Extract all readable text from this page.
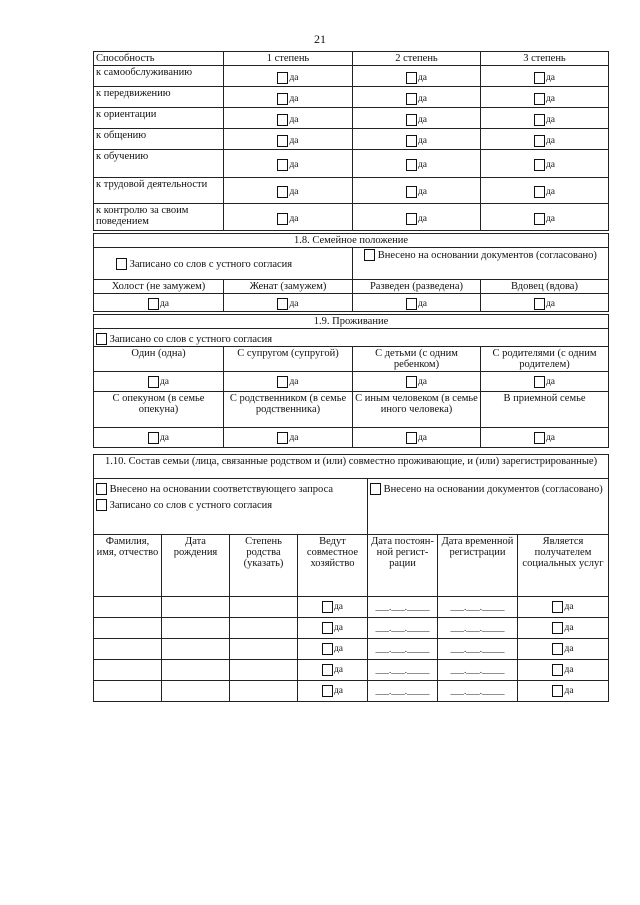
21
Способность	1 степень	2 степень	3 степень
к самообслуживанию	да	да	да
к передвижению	да	да	да
к ориентации	да	да	да
к общению	да	да	да
к обучению	да	да	да
к трудовой деятельности	да	да	да
к контролю за своим поведением	да	да	да
1.8. Семейное положение			
Записано со слов с устного согласия		Внесено на основании документов (согласовано)	
Холост (не замужем)	Женат (замужем)	Разведен (разведена)	Вдовец (вдова)
да	да	да	да
1.9. Проживание			
Записано со слов с устного согласия			
Один (одна)	С супругом (супругой)	С детьми (с одним ребенком)	С родителями (с одним родителем)
да	да	да	да
С опекуном (в семье опекуна)	С родственником (в семье родственника)	С иным человеком (в семье иного человека)	В приемной семье
да	да	да	да
1.10. Состав семьи (лица, связанные родством и (или) совместно проживающие, и (или) зарегистрированные)						
Внесено на основании соответствующего запроса
Записано со слов с устного согласия				Внесено на основании документов (согласовано)		
Фамилия, имя, отчество	Дата рождения	Степень родства (указать)	Ведут совместное хозяйство	Дата постоян-ной регист-рации	Дата временной регистрации	Является получателем социальных услуг
			да	___.___._____	___.___._____	да
			да	___.___._____	___.___._____	да
			да	___.___._____	___.___._____	да
			да	___.___._____	___.___._____	да
			да	___.___._____	___.___._____	да
